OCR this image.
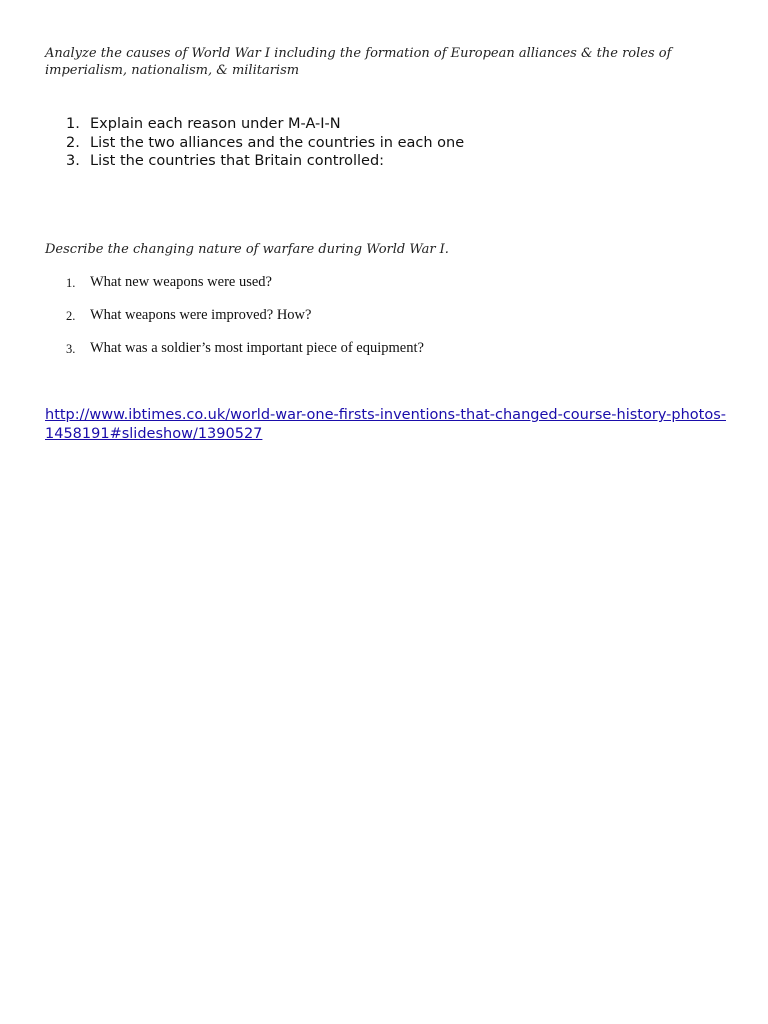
Analyze the causes of World War I including the formation of European alliances & the roles of imperialism, nationalism, & militarism

1. Explain each reason under M-A-I-N
2. List the two alliances and the countries in each one
3. List the countries that Britain controlled:

Describe the changing nature of warfare during World War I.

1.	What new weapons were used?
2.	What weapons were improved? How?
3.	What was a soldier’s most important piece of equipment?
http://www.ibtimes.co.uk/world-war-one-firsts-inventions-that-changed-course-history-photos-1458191#slideshow/1390527
